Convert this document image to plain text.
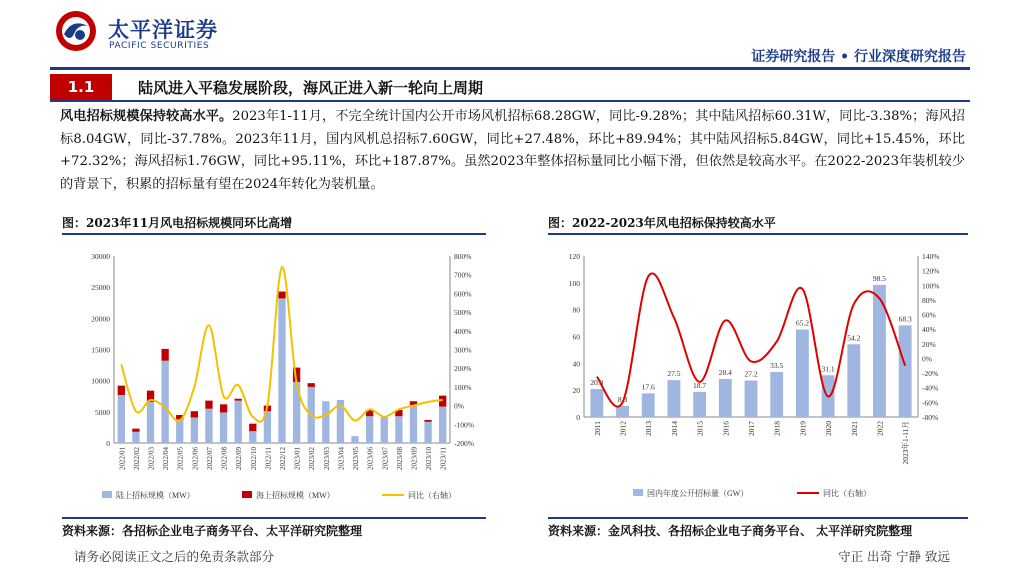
太平洋证券
PACIFIC SECURITIES
证券研究报告 • 行业深度研究报告
1.1	陆风进入平稳发展阶段，海风正进入新一轮向上周期
风电招标规模保持较高水平。2023年1-11月，不完全统计国内公开市场风机招标68.28GW，同比-9.28%；其中陆风招标60.31W，同比-3.38%；海风招标8.04GW，同比-37.78%。2023年11月，国内风机总招标7.60GW，同比+27.48%，环比+89.94%；其中陆风招标5.84GW，同比+15.45%，环比+72.32%；海风招标1.76GW，同比+95.11%，环比+187.87%。虽然2023年整体招标量同比小幅下滑，但依然是较高水平。在2022-2023年装机较少的背景下，积累的招标量有望在2024年转化为装机量。
图：2023年11月风电招标规模同环比高增
0
5000
10000
15000
20000
25000
30000
-200%
-100%
0%
100%
200%
300%
400%
500%
600%
700%
800%
2022/01 2022/02 2022/03 2022/04 2022/05 2022/06 2022/07 2022/08 2022/09 2022/10 2022/11 2022/12 2023/01 2023/02 2023/03 2023/04 2023/05 2023/06 2023/07 2023/08 2023/09 2023/10 2023/11
陆上招标规模（MW）	海上招标规模（MW）	同比（右轴）
资料来源：各招标企业电子商务平台、太平洋研究院整理
图：2022-2023年风电招标保持较高水平
0
20
40
60
80
100
120
-80%
-60%
-40%
-20%
0%
20%
40%
60%
80%
100%
120%
140%
20.8
2011
8.3
2012
17.6
2013
27.5
2014
18.7
2015
28.4
2016
27.2
2017
33.5
2018
65.2
2019
31.1
2020
54.2
2021
98.5
2022
68.3
2023年1-11月
国内年度公开招标量（GW）	同比（右轴）
资料来源：金风科技、各招标企业电子商务平台、 太平洋研究院整理
请务必阅读正文之后的免责条款部分	守正 出奇 宁静 致远
